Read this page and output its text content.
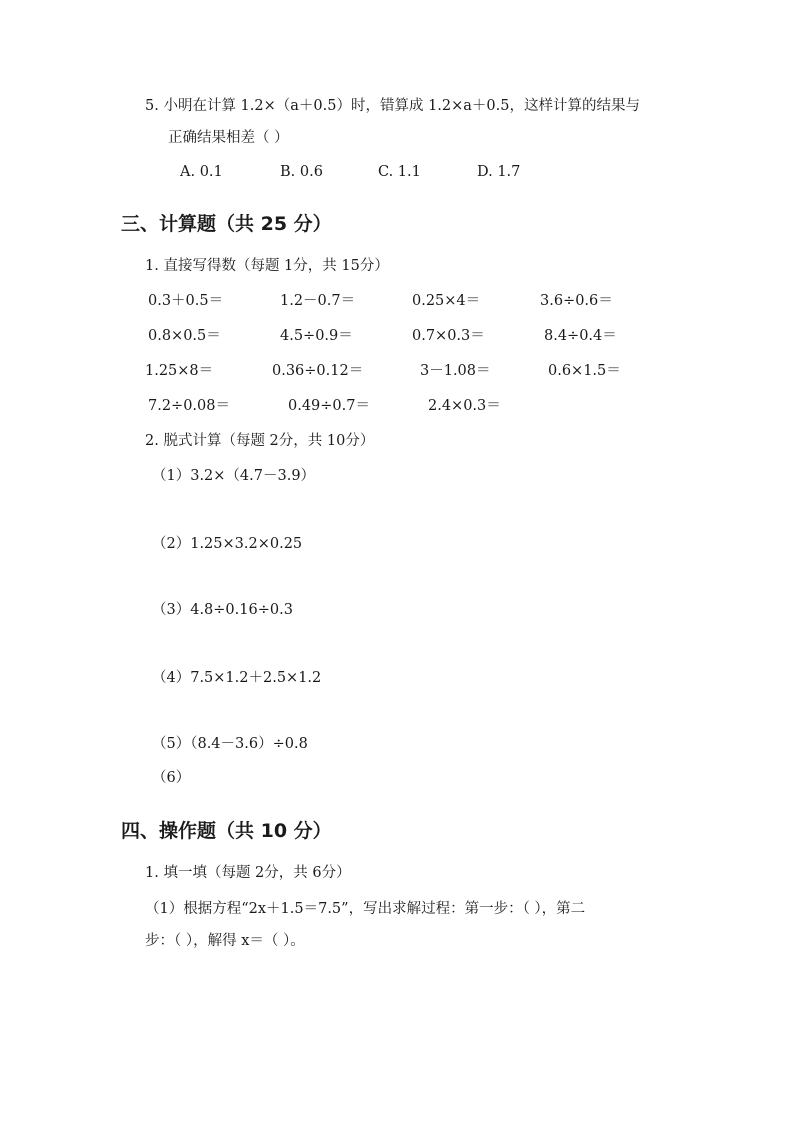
5. 小明在计算 1.2×（a＋0.5）时，错算成 1.2×a＋0.5，这样计算的结果与
正确结果相差（ ）
A. 0.1	B. 0.6	C. 1.1	D. 1.7
三、计算题（共 25 分）
1. 直接写得数（每题 1分，共 15分）
0.3＋0.5＝	1.2－0.7＝	0.25×4＝	3.6÷0.6＝
0.8×0.5＝	4.5÷0.9＝	0.7×0.3＝	8.4÷0.4＝
1.25×8＝	0.36÷0.12＝	3－1.08＝	0.6×1.5＝
7.2÷0.08＝	0.49÷0.7＝	2.4×0.3＝
2. 脱式计算（每题 2分，共 10分）
（1）3.2×（4.7－3.9）
（2）1.25×3.2×0.25
（3）4.8÷0.16÷0.3
（4）7.5×1.2＋2.5×1.2
（5）（8.4－3.6）÷0.8
（6）
四、操作题（共 10 分）
1. 填一填（每题 2分，共 6分）
（1）根据方程“2x＋1.5＝7.5”，写出求解过程：第一步：（ ），第二
步：（ ），解得 x＝（ ）。
